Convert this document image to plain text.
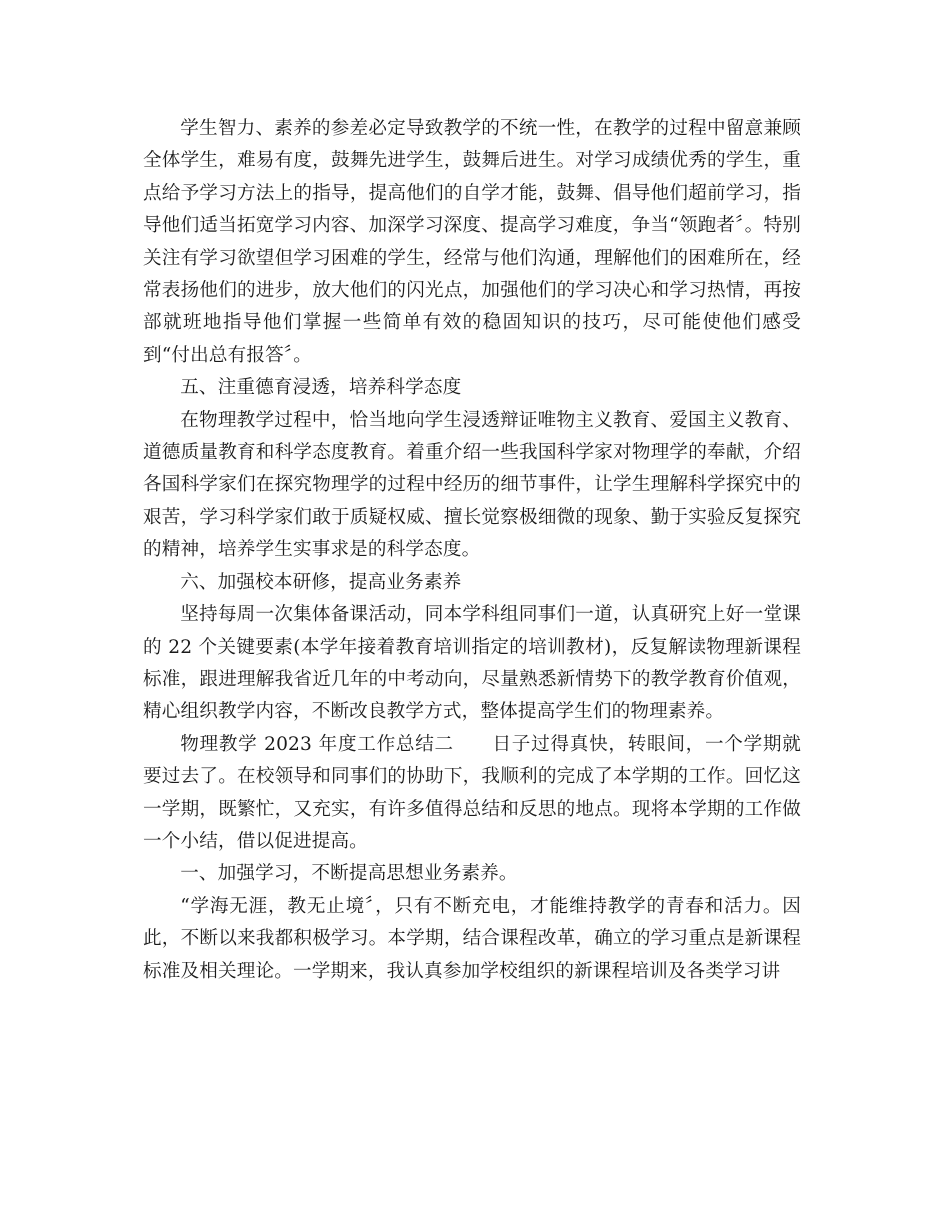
学生智力、素养的参差必定导致教学的不统一性，在教学的过程中留意兼顾全体学生，难易有度，鼓舞先进学生，鼓舞后进生。对学习成绩优秀的学生，重点给予学习方法上的指导，提高他们的自学才能，鼓舞、倡导他们超前学习，指导他们适当拓宽学习内容、加深学习深度、提高学习难度，争当“领跑者〞。特别关注有学习欲望但学习困难的学生，经常与他们沟通，理解他们的困难所在，经常表扬他们的进步，放大他们的闪光点，加强他们的学习决心和学习热情，再按部就班地指导他们掌握一些简单有效的稳固知识的技巧，尽可能使他们感受到“付出总有报答〞。

五、注重德育浸透，培养科学态度

在物理教学过程中，恰当地向学生浸透辩证唯物主义教育、爱国主义教育、道德质量教育和科学态度教育。着重介绍一些我国科学家对物理学的奉献，介绍各国科学家们在探究物理学的过程中经历的细节事件，让学生理解科学探究中的艰苦，学习科学家们敢于质疑权威、擅长觉察极细微的现象、勤于实验反复探究的精神，培养学生实事求是的科学态度。

六、加强校本研修，提高业务素养

坚持每周一次集体备课活动，同本学科组同事们一道，认真研究上好一堂课的 22 个关键要素(本学年接着教育培训指定的培训教材)，反复解读物理新课程标准，跟进理解我省近几年的中考动向，尽量熟悉新情势下的教学教育价值观，精心组织教学内容，不断改良教学方式，整体提高学生们的物理素养。

物理教学 2023 年度工作总结二　　日子过得真快，转眼间，一个学期就要过去了。在校领导和同事们的协助下，我顺利的完成了本学期的工作。回忆这一学期，既繁忙，又充实，有许多值得总结和反思的地点。现将本学期的工作做一个小结，借以促进提高。

一、加强学习，不断提高思想业务素养。

“学海无涯，教无止境〞，只有不断充电，才能维持教学的青春和活力。因此，不断以来我都积极学习。本学期，结合课程改革，确立的学习重点是新课程标准及相关理论。一学期来，我认真参加学校组织的新课程培训及各类学习讲
